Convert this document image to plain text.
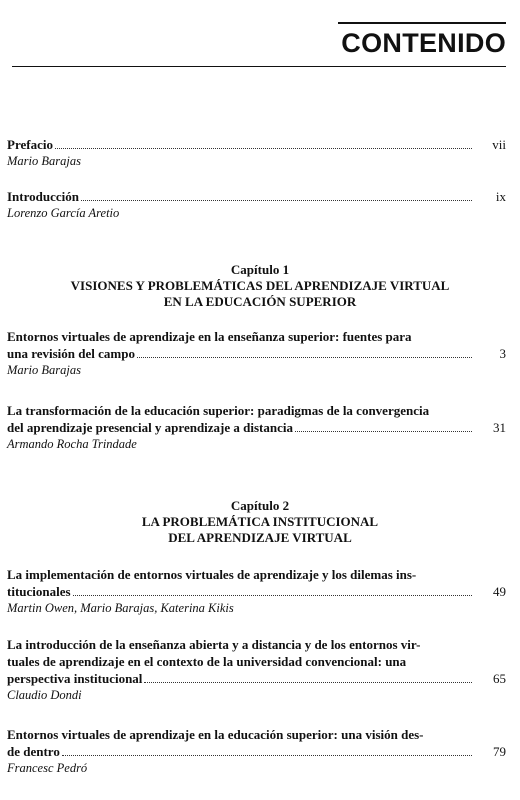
CONTENIDO
Prefacio	vii
Mario Barajas
Introducción	ix
Lorenzo García Aretio
Capítulo 1
VISIONES Y PROBLEMÁTICAS DEL APRENDIZAJE VIRTUAL
EN LA EDUCACIÓN SUPERIOR
Entornos virtuales de aprendizaje en la enseñanza superior: fuentes para
una revisión del campo	3
Mario Barajas
La transformación de la educación superior: paradigmas de la convergencia
del aprendizaje presencial y aprendizaje a distancia	31
Armando Rocha Trindade
Capítulo 2
LA PROBLEMÁTICA INSTITUCIONAL
DEL APRENDIZAJE VIRTUAL
La implementación de entornos virtuales de aprendizaje y los dilemas ins-
titucionales	49
Martin Owen, Mario Barajas, Katerina Kikis
La introducción de la enseñanza abierta y a distancia y de los entornos vir-
tuales de aprendizaje en el contexto de la universidad convencional: una
perspectiva institucional	65
Claudio Dondi
Entornos virtuales de aprendizaje en la educación superior: una visión des-
de dentro	79
Francesc Pedró
